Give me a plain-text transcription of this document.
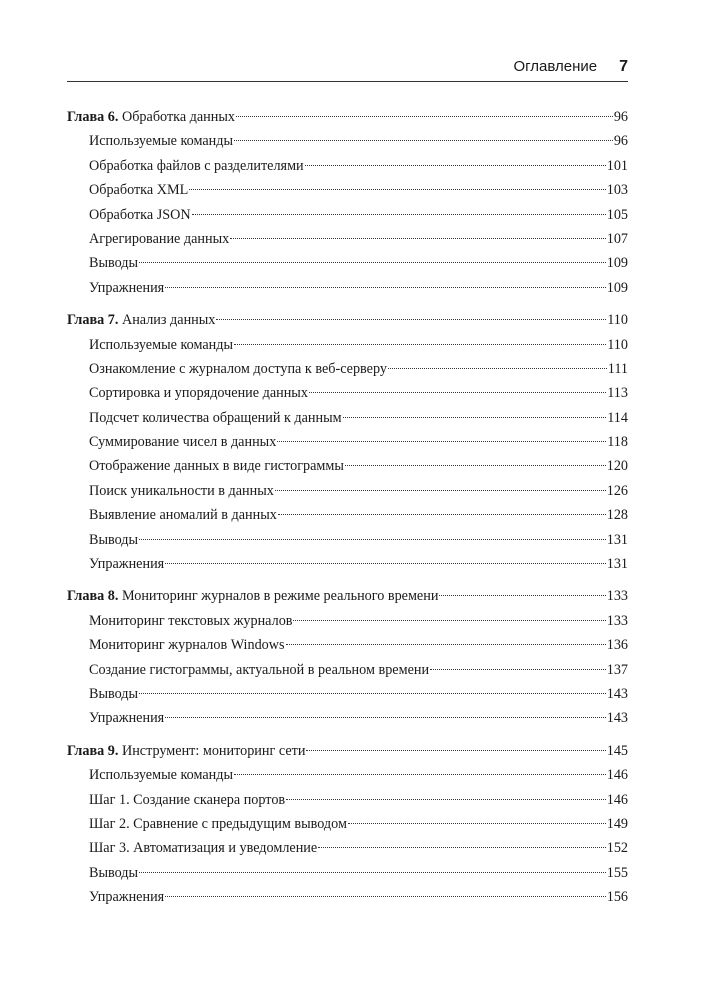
Оглавление 7
Глава 6. Обработка данных	96
Используемые команды	96
Обработка файлов с разделителями	101
Обработка XML	103
Обработка JSON	105
Агрегирование данных	107
Выводы	109
Упражнения	109
Глава 7. Анализ данных	110
Используемые команды	110
Ознакомление с журналом доступа к веб-серверу	111
Сортировка и упорядочение данных	113
Подсчет количества обращений к данным	114
Суммирование чисел в данных	118
Отображение данных в виде гистограммы	120
Поиск уникальности в данных	126
Выявление аномалий в данных	128
Выводы	131
Упражнения	131
Глава 8. Мониторинг журналов в режиме реального времени	133
Мониторинг текстовых журналов	133
Мониторинг журналов Windows	136
Создание гистограммы, актуальной в реальном времени	137
Выводы	143
Упражнения	143
Глава 9. Инструмент: мониторинг сети	145
Используемые команды	146
Шаг 1. Создание сканера портов	146
Шаг 2. Сравнение с предыдущим выводом	149
Шаг 3. Автоматизация и уведомление	152
Выводы	155
Упражнения	156
